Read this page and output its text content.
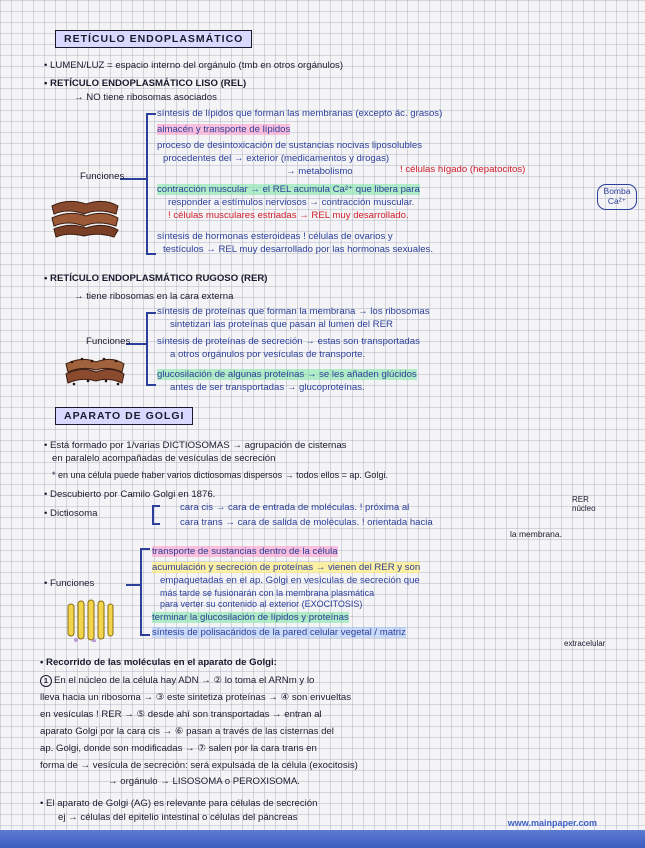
RETÍCULO ENDOPLASMÁTICO
• LUMEN/LUZ = espacio interno del orgánulo (tmb en otros orgánulos)
• RETÍCULO ENDOPLASMÁTICO LISO (REL)
→ NO tiene ribosomas asociados
Funciones
síntesis de lípidos que forman las membranas (excepto ác. grasos)
almacén y transporte de lípidos
proceso de desintoxicación de sustancias nocivas liposolubles
procedentes del → exterior (medicamentos y drogas)
→ metabolismo	! células hígado (hepatocitos)
contracción muscular → el REL acumula Ca²⁺ que libera para
responder a estímulos nerviosos → contracción muscular.
! células musculares estriadas → REL muy desarrollado.
Bomba Ca²⁺
síntesis de hormonas esteroideas ! células de ovarios y
testículos → REL muy desarrollado por las hormonas sexuales.
• RETÍCULO ENDOPLASMÁTICO RUGOSO (RER)
→ tiene ribosomas en la cara externa
Funciones
síntesis de proteínas que forman la membrana → los ribosomas
sintetizan las proteínas que pasan al lumen del RER
síntesis de proteínas de secreción → estas son transportadas
a otros orgánulos por vesículas de transporte.
glucosilación de algunas proteínas → se les añaden glúcidos
antes de ser transportadas → glucoproteínas.
APARATO DE GOLGI
• Está formado por 1/varias DICTIOSOMAS → agrupación de cisternas
en paralelo acompañadas de vesículas de secreción
* en una célula puede haber varios dictiosomas dispersos → todos ellos = ap. Golgi.
• Descubierto por Camilo Golgi en 1876.
• Dictiosoma
cara cis → cara de entrada de moléculas. ! próxima al
RER núcleo
cara trans → cara de salida de moléculas. ! orientada hacia
la membrana.
• Funciones
transporte de sustancias dentro de la célula
acumulación y secreción de proteínas → vienen del RER y son
empaquetadas en el ap. Golgi en vesículas de secreción que
más tarde se fusionarán con la membrana plasmática
para verter su contenido al exterior (EXOCITOSIS)
terminar la glucosilación de lípidos y proteínas
síntesis de polisacáridos de la pared celular vegetal / matriz
extracelular
• Recorrido de las moléculas en el aparato de Golgi:
1 En el núcleo de la célula hay ADN → ② lo toma el ARNm y lo
lleva hacia un ribosoma → ③ este sintetiza proteínas → ④ son envueltas
en vesículas ! RER → ⑤ desde ahí son transportadas → entran al
aparato Golgi por la cara cis → ⑥ pasan a través de las cisternas del
ap. Golgi, donde son modificadas → ⑦ salen por la cara trans en
forma de → vesícula de secreción: será expulsada de la célula (exocitosis)
→ orgánulo → LISOSOMA o PEROXISOMA.
• El aparato de Golgi (AG) es relevante para células de secreción
ej → células del epitelio intestinal o células del páncreas	www.mainpaper.com
